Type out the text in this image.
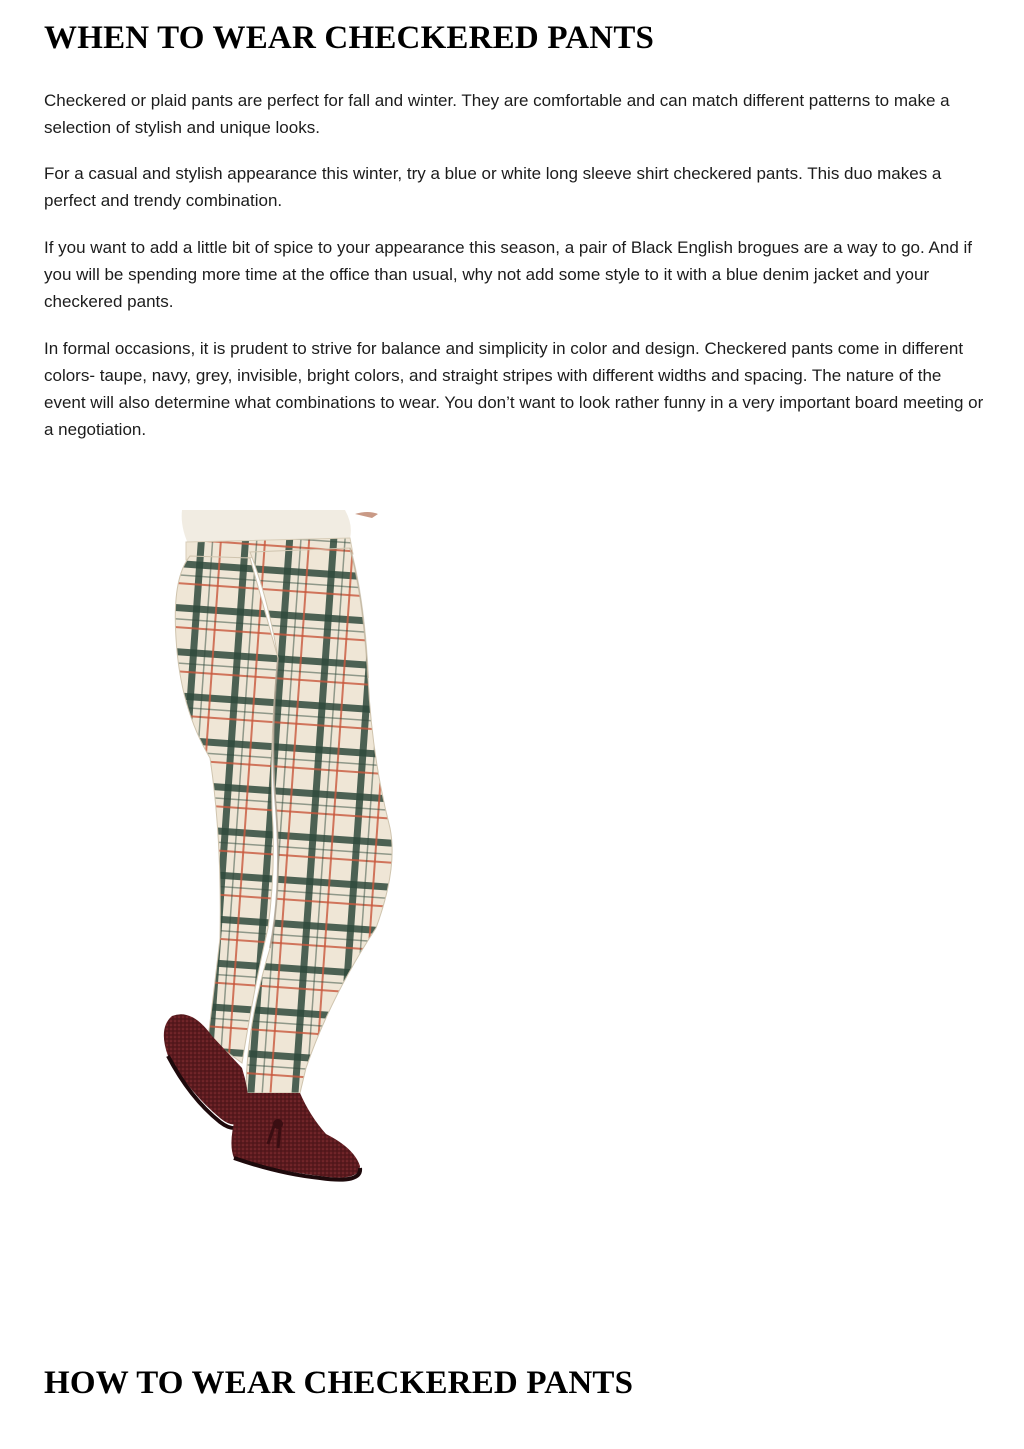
WHEN TO WEAR CHECKERED PANTS

Checkered or plaid pants are perfect for fall and winter. They are comfortable and can match different patterns to make a selection of stylish and unique looks.

For a casual and stylish appearance this winter, try a blue or white long sleeve shirt checkered pants. This duo makes a perfect and trendy combination.

If you want to add a little bit of spice to your appearance this season, a pair of Black English brogues are a way to go. And if you will be spending more time at the office than usual, why not add some style to it with a blue denim jacket and your checkered pants.

In formal occasions, it is prudent to strive for balance and simplicity in color and design. Checkered pants come in different colors- taupe, navy, grey, invisible, bright colors, and straight stripes with different widths and spacing. The nature of the event will also determine what combinations to wear. You don’t want to look rather funny in a very important board meeting or a negotiation.

HOW TO WEAR CHECKERED PANTS
